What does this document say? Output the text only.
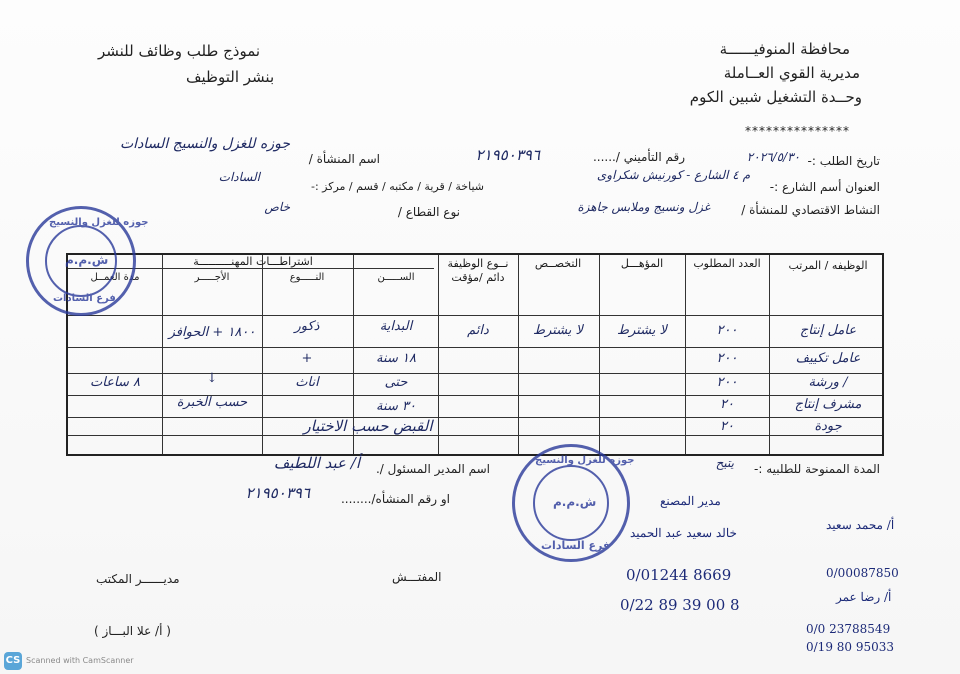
محافظة المنوفيــــــة
مديرية القوي العــاملة
وحــدة التشغيل شبين الكوم
***************
نموذج طلب وظائف للنشر
بنشر التوظيف
تاريخ الطلب :-
٢٠٢٦/٥/٣٠
رقم التأميني /......
٢١٩٥٠٣٩٦
اسم المنشأة /
جوزه للغزل والنسيج السادات
العنوان أسم الشارع :-
م ٤ الشارع - كورنيش شكراوى
شياخة / قرية / مكتبه / قسم / مركز :-
السادات
النشاط الاقتصادي للمنشأة /
غزل ونسيج وملابس جاهزة
نوع القطاع /
خاص
الوظيفه / المرتب
العدد المطلوب
المؤهـــل
التخصــص
نــوع الوظيفة دائم /مؤقت
اشتراطـــات المهنــــــــــة
الســـــن
النـــــوع
الأجـــــر
مدة العمــل
عامل إنتاج
٢٠٠
لا يشترط
لا يشترط
دائم
البداية
ذكور
١٨٠٠ + الحوافز
عامل تكييف
٢٠٠
١٨ سنة
+
/ ورشة
٢٠٠
حتى
اناث
↓
٨ ساعات
مشرف إنتاج
٢٠
٣٠ سنة
حسب الخبرة
جودة
٢٠
القبض حسب الاختيار
جوزه للغزل والنسيج
ش.م.م
فرع السادات
المدة الممنوحة للطلبيه :-
يتيح
اسم المدير المسئول /.
أ/ عبد اللطيف
او رقم المنشأه/........
٢١٩٥٠٣٩٦
جوزه للغزل والنسيج
ش.م.م
فرع السادات
مدير المصنع
خالد سعيد عبد الحميد
0/01244 8669
0/22 89 39 00 8
أ/ محمد سعيد
0/00087850
أ/ رضا عمر
0/0 23788549
0/19 80 95033
المفتـــش
مديــــــر المكتب
( أ/ علا البـــاز )
CS Scanned with CamScanner
